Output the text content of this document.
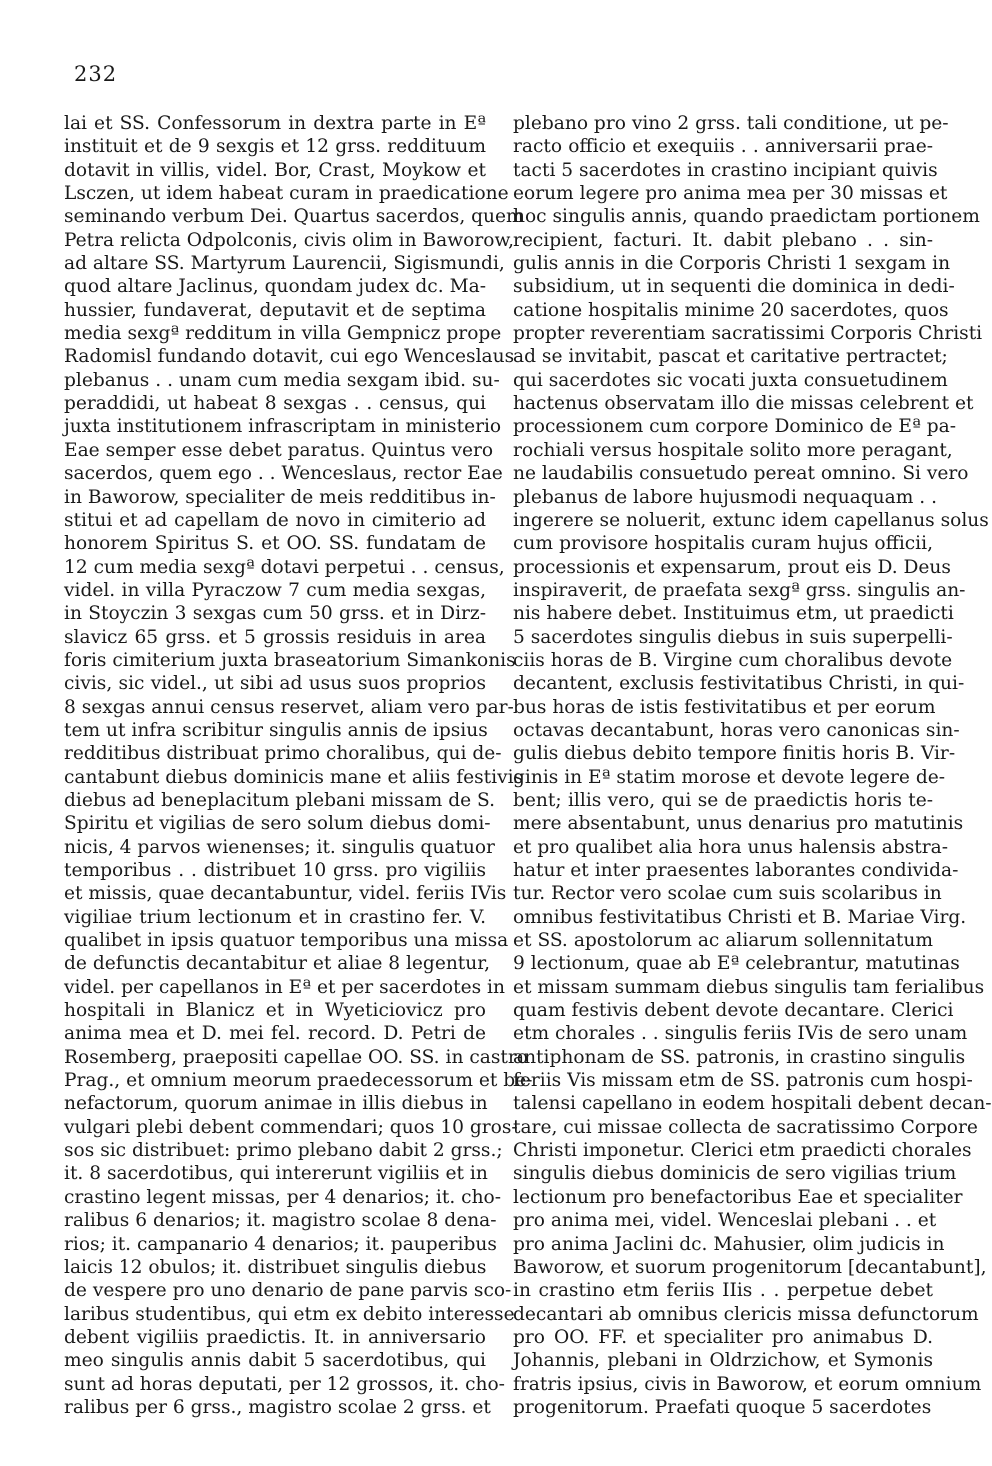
232
lai et SS. Confessorum in dextra parte in Eª
instituit et de 9 sexgis et 12 grss. reddituum
dotavit in villis, videl. Bor, Crast, Moykow et
Lsczen, ut idem habeat curam in praedicatione
seminando verbum Dei. Quartus sacerdos, quem
Petra relicta Odpolconis, civis olim in Baworow,
ad altare SS. Martyrum Laurencii, Sigismundi,
quod altare Jaclinus, quondam judex dc. Ma-
hussier, fundaverat, deputavit et de septima
media sexgª redditum in villa Gempnicz prope
Radomisl fundando dotavit, cui ego Wenceslaus
plebanus . . unam cum media sexgam ibid. su-
peraddidi, ut habeat 8 sexgas . . census, qui
juxta institutionem infrascriptam in ministerio
Eae semper esse debet paratus. Quintus vero
sacerdos, quem ego . . Wenceslaus, rector Eae
in Baworow, specialiter de meis redditibus in-
stitui et ad capellam de novo in cimiterio ad
honorem Spiritus S. et OO. SS. fundatam de
12 cum media sexgª dotavi perpetui . . census,
videl. in villa Pyraczow 7 cum media sexgas,
in Stoyczin 3 sexgas cum 50 grss. et in Dirz-
slavicz 65 grss. et 5 grossis residuis in area
foris cimiterium juxta braseatorium Simankonis
civis, sic videl., ut sibi ad usus suos proprios
8 sexgas annui census reservet, aliam vero par-
tem ut infra scribitur singulis annis de ipsius
redditibus distribuat primo choralibus, qui de-
cantabunt diebus dominicis mane et aliis festivis
diebus ad beneplacitum plebani missam de S.
Spiritu et vigilias de sero solum diebus domi-
nicis, 4 parvos wienenses; it. singulis quatuor
temporibus . . distribuet 10 grss. pro vigiliis
et missis, quae decantabuntur, videl. feriis IVis
vigiliae trium lectionum et in crastino fer. V.
qualibet in ipsis quatuor temporibus una missa
de defunctis decantabitur et aliae 8 legentur,
videl. per capellanos in Eª et per sacerdotes in
hospitali in Blanicz et in Wyeticiovicz pro
anima mea et D. mei fel. record. D. Petri de
Rosemberg, praepositi capellae OO. SS. in castro
Prag., et omnium meorum praedecessorum et be-
nefactorum, quorum animae in illis diebus in
vulgari plebi debent commendari; quos 10 gros-
sos sic distribuet: primo plebano dabit 2 grss.;
it. 8 sacerdotibus, qui intererunt vigiliis et in
crastino legent missas, per 4 denarios; it. cho-
ralibus 6 denarios; it. magistro scolae 8 dena-
rios; it. campanario 4 denarios; it. pauperibus
laicis 12 obulos; it. distribuet singulis diebus
de vespere pro uno denario de pane parvis sco-
laribus studentibus, qui etm ex debito interesse
debent vigiliis praedictis. It. in anniversario
meo singulis annis dabit 5 sacerdotibus, qui
sunt ad horas deputati, per 12 grossos, it. cho-
ralibus per 6 grss., magistro scolae 2 grss. et
plebano pro vino 2 grss. tali conditione, ut pe-
racto officio et exequiis . . anniversarii prae-
tacti 5 sacerdotes in crastino incipiant quivis
eorum legere pro anima mea per 30 missas et
hoc singulis annis, quando praedictam portionem
recipient, facturi. It. dabit plebano . . sin-
gulis annis in die Corporis Christi 1 sexgam in
subsidium, ut in sequenti die dominica in dedi-
catione hospitalis minime 20 sacerdotes, quos
propter reverentiam sacratissimi Corporis Christi
ad se invitabit, pascat et caritative pertractet;
qui sacerdotes sic vocati juxta consuetudinem
hactenus observatam illo die missas celebrent et
processionem cum corpore Dominico de Eª pa-
rochiali versus hospitale solito more peragant,
ne laudabilis consuetudo pereat omnino. Si vero
plebanus de labore hujusmodi nequaquam . .
ingerere se noluerit, extunc idem capellanus solus
cum provisore hospitalis curam hujus officii,
processionis et expensarum, prout eis D. Deus
inspiraverit, de praefata sexgª grss. singulis an-
nis habere debet. Instituimus etm, ut praedicti
5 sacerdotes singulis diebus in suis superpelli-
ciis horas de B. Virgine cum choralibus devote
decantent, exclusis festivitatibus Christi, in qui-
bus horas de istis festivitatibus et per eorum
octavas decantabunt, horas vero canonicas sin-
gulis diebus debito tempore finitis horis B. Vir-
ginis in Eª statim morose et devote legere de-
bent; illis vero, qui se de praedictis horis te-
mere absentabunt, unus denarius pro matutinis
et pro qualibet alia hora unus halensis abstra-
hatur et inter praesentes laborantes condivida-
tur. Rector vero scolae cum suis scolaribus in
omnibus festivitatibus Christi et B. Mariae Virg.
et SS. apostolorum ac aliarum sollennitatum
9 lectionum, quae ab Eª celebrantur, matutinas
et missam summam diebus singulis tam ferialibus
quam festivis debent devote decantare. Clerici
etm chorales . . singulis feriis IVis de sero unam
antiphonam de SS. patronis, in crastino singulis
feriis Vis missam etm de SS. patronis cum hospi-
talensi capellano in eodem hospitali debent decan-
tare, cui missae collecta de sacratissimo Corpore
Christi imponetur. Clerici etm praedicti chorales
singulis diebus dominicis de sero vigilias trium
lectionum pro benefactoribus Eae et specialiter
pro anima mei, videl. Wenceslai plebani . . et
pro anima Jaclini dc. Mahusier, olim judicis in
Baworow, et suorum progenitorum [decantabunt],
in crastino etm feriis IIis . . perpetue debet
decantari ab omnibus clericis missa defunctorum
pro OO. FF. et specialiter pro animabus D.
Johannis, plebani in Oldrzichow, et Symonis
fratris ipsius, civis in Baworow, et eorum omnium
progenitorum. Praefati quoque 5 sacerdotes
